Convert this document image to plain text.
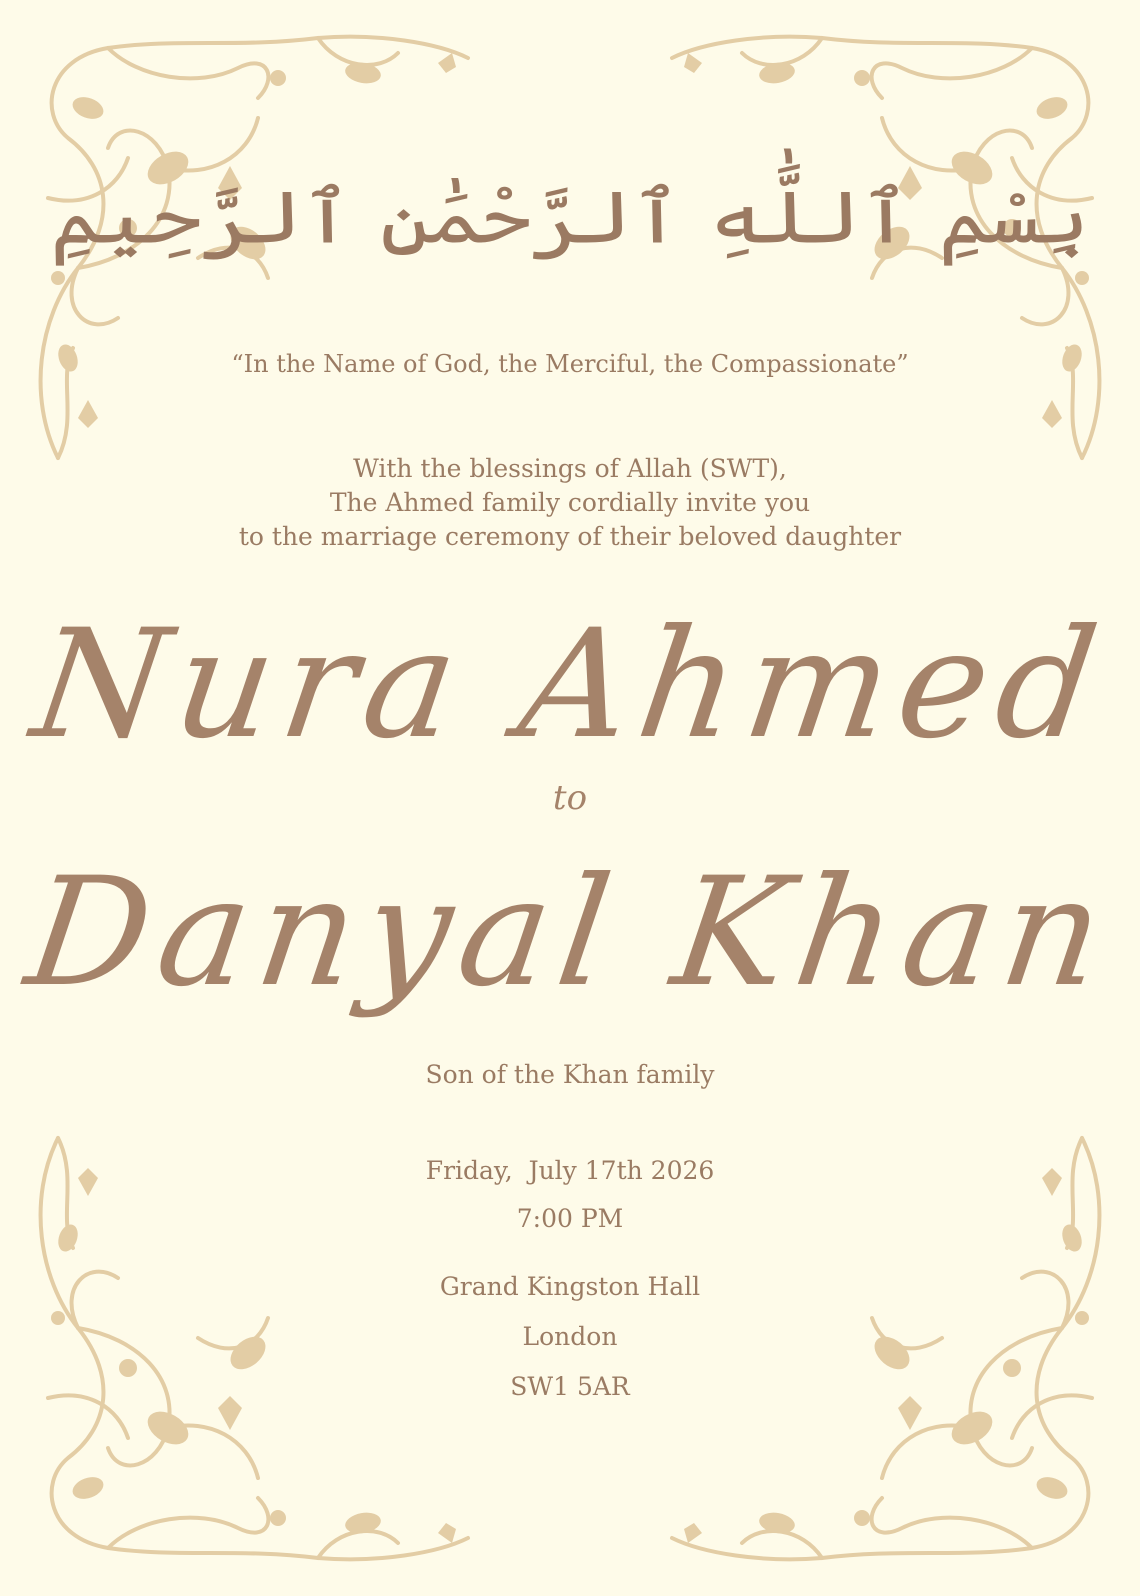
بِسْمِ ٱللَّٰهِ ٱلرَّحْمَٰنِ ٱلرَّحِيمِ
“In the Name of God, the Merciful, the Compassionate”
With the blessings of Allah (SWT),
The Ahmed family cordially invite you
to the marriage ceremony of their beloved daughter
Nura Ahmed
to
Danyal Khan
Son of the Khan family
Friday,  July 17th 2026
7:00 PM
Grand Kingston Hall
London
SW1 5AR
